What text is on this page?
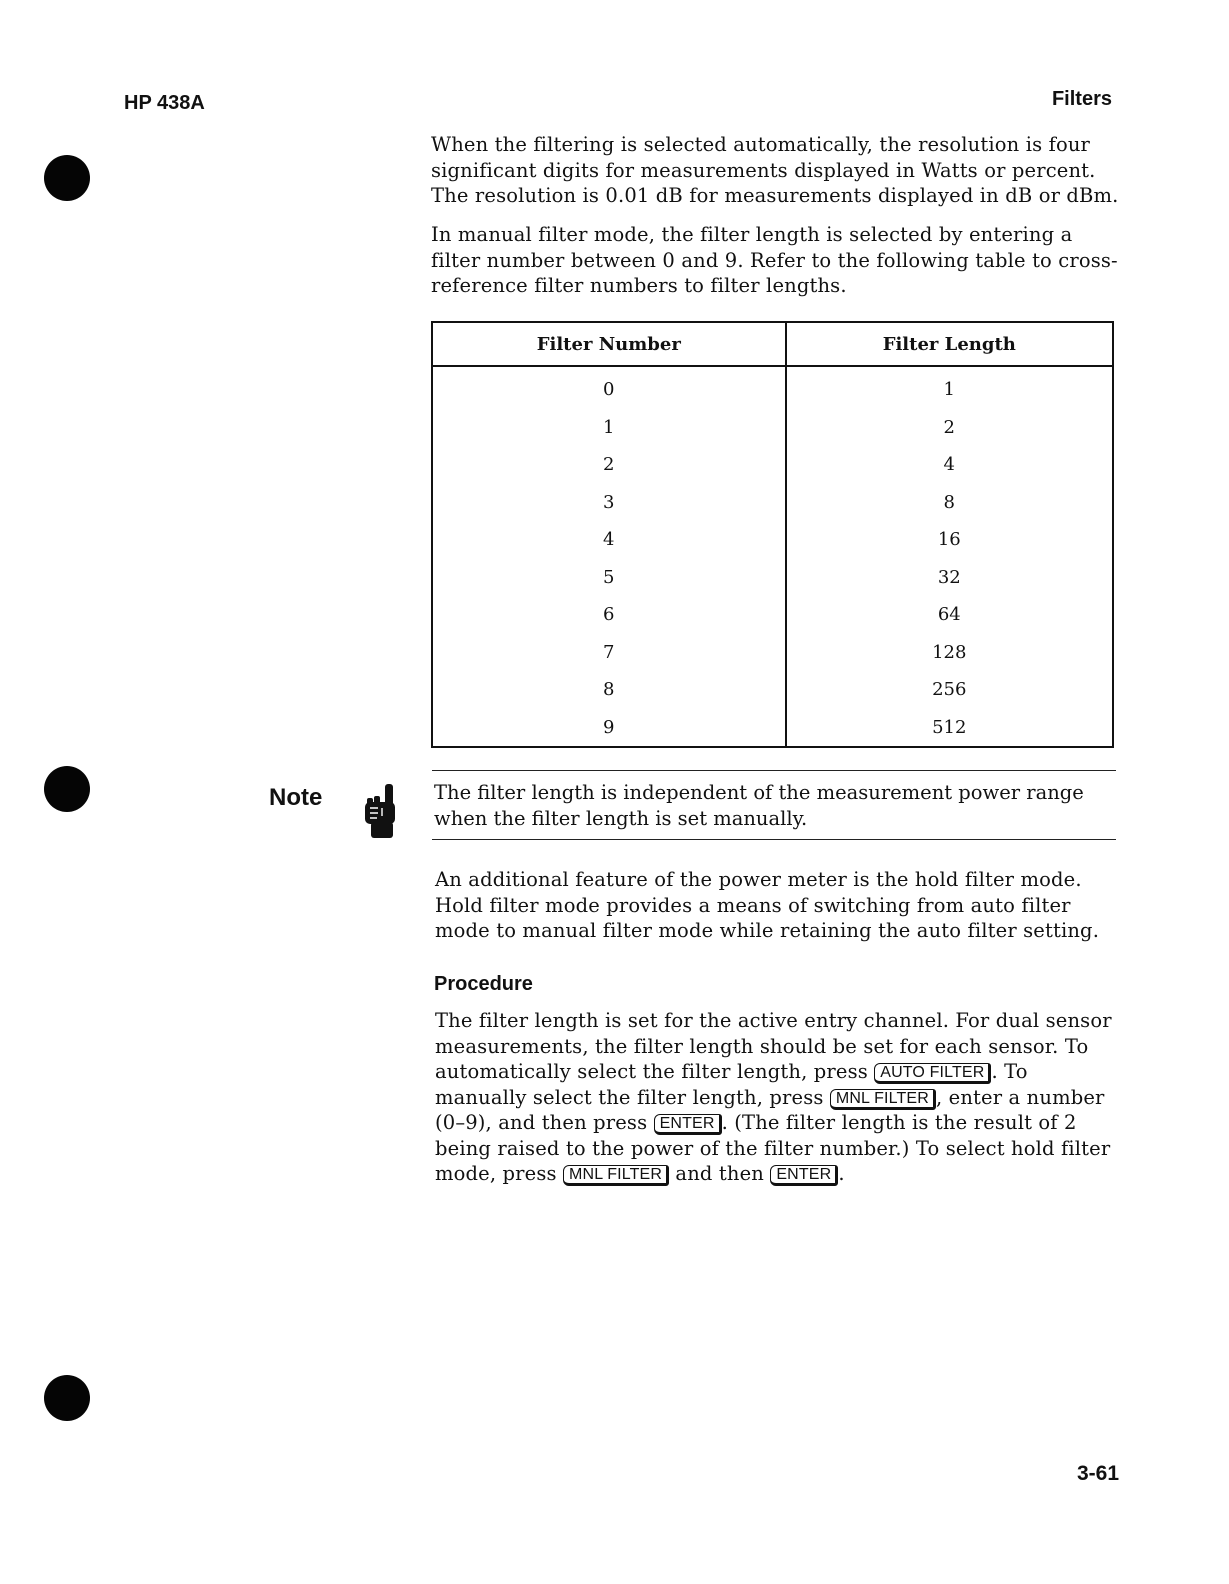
HP 438A	Filters

When the filtering is selected automatically, the resolution is four significant digits for measurements displayed in Watts or percent. The resolution is 0.01 dB for measurements displayed in dB or dBm.

In manual filter mode, the filter length is selected by entering a filter number between 0 and 9. Refer to the following table to cross-reference filter numbers to filter lengths.

Filter Number	Filter Length
0	1
1	2
2	4
3	8
4	16
5	32
6	64
7	128
8	256
9	512
Note	The filter length is independent of the measurement power range when the filter length is set manually.

An additional feature of the power meter is the hold filter mode. Hold filter mode provides a means of switching from auto filter mode to manual filter mode while retaining the auto filter setting.

Procedure

The filter length is set for the active entry channel. For dual sensor measurements, the filter length should be set for each sensor. To automatically select the filter length, press AUTO FILTER . To manually select the filter length, press MNL FILTER , enter a number (0–9), and then press ENTER . (The filter length is the result of 2 being raised to the power of the filter number.) To select hold filter mode, press MNL FILTER and then ENTER .

3-61
